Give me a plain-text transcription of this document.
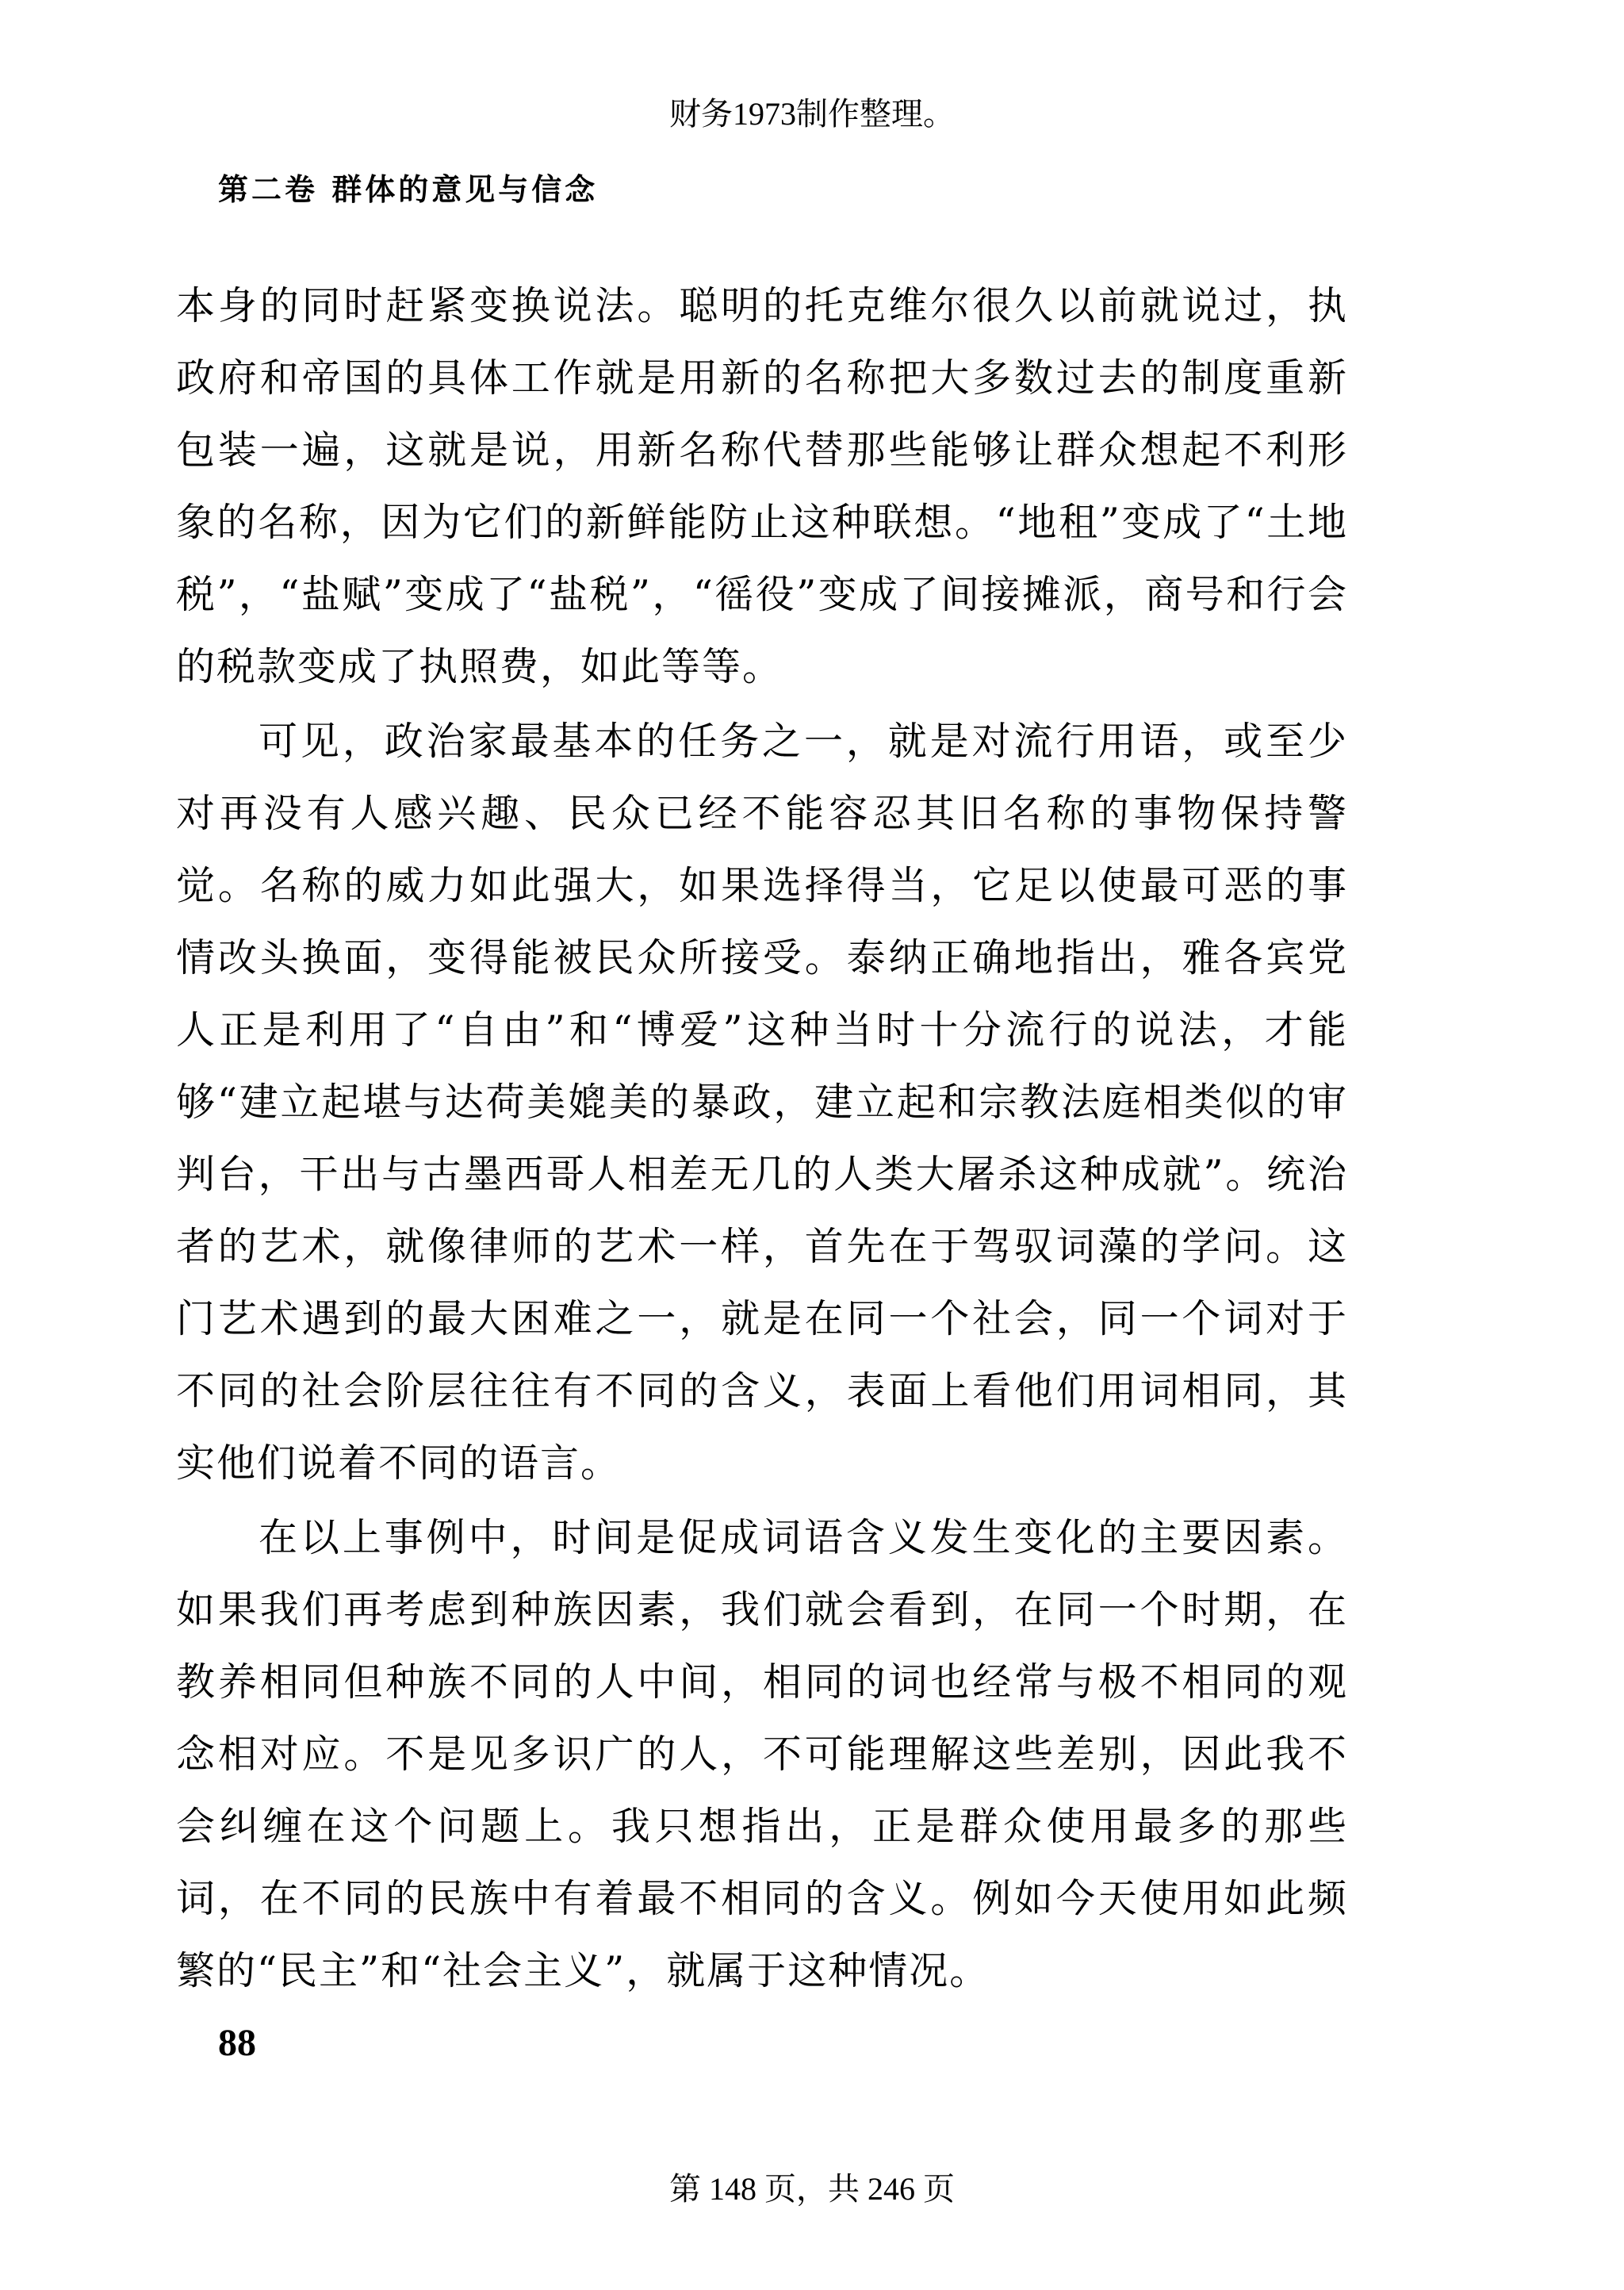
财务1973制作整理。
第二卷 群体的意见与信念

本身的同时赶紧变换说法。聪明的托克维尔很久以前就说过，执政府和帝国的具体工作就是用新的名称把大多数过去的制度重新包装一遍，这就是说，用新名称代替那些能够让群众想起不利形象的名称，因为它们的新鲜能防止这种联想。“地租”变成了“土地税”，“盐赋”变成了“盐税”，“徭役”变成了间接摊派，商号和行会的税款变成了执照费，如此等等。

可见，政治家最基本的任务之一，就是对流行用语，或至少对再没有人感兴趣、民众已经不能容忍其旧名称的事物保持警觉。名称的威力如此强大，如果选择得当，它足以使最可恶的事情改头换面，变得能被民众所接受。泰纳正确地指出，雅各宾党人正是利用了“自由”和“博爱”这种当时十分流行的说法，才能够“建立起堪与达荷美媲美的暴政，建立起和宗教法庭相类似的审判台，干出与古墨西哥人相差无几的人类大屠杀这种成就”。统治者的艺术，就像律师的艺术一样，首先在于驾驭词藻的学问。这门艺术遇到的最大困难之一，就是在同一个社会，同一个词对于不同的社会阶层往往有不同的含义，表面上看他们用词相同，其实他们说着不同的语言。

在以上事例中，时间是促成词语含义发生变化的主要因素。如果我们再考虑到种族因素，我们就会看到，在同一个时期，在教养相同但种族不同的人中间，相同的词也经常与极不相同的观念相对应。不是见多识广的人，不可能理解这些差别，因此我不会纠缠在这个问题上。我只想指出，正是群众使用最多的那些词，在不同的民族中有着最不相同的含义。例如今天使用如此频繁的“民主”和“社会主义”，就属于这种情况。

88
第 148 页，共 246 页
